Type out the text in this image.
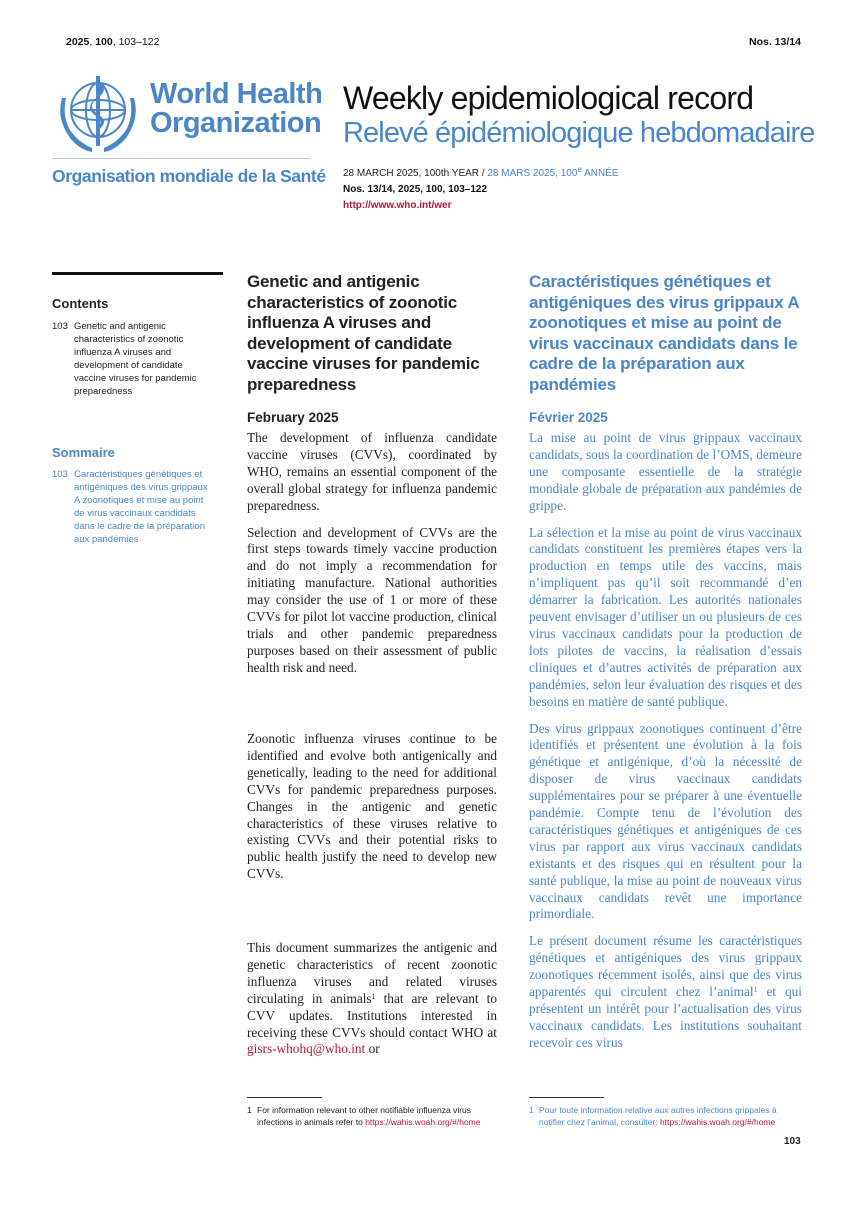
2025, 100, 103–122	Nos. 13/14
World Health
Organization
Organisation mondiale de la Santé
Weekly epidemiological record
Relevé épidémiologique hebdomadaire
28 MARCH 2025, 100th YEAR / 28 MARS 2025, 100e ANNÉE
Nos. 13/14, 2025, 100, 103–122
http://www.who.int/wer
Contents
103 Genetic and antigenic characteristics of zoonotic influenza A viruses and development of candidate vaccine viruses for pandemic preparedness
Sommaire
103 Caractéristiques génétiques et antigéniques des virus grippaux A zoonotiques et mise au point de virus vaccinaux candidats dans le cadre de la préparation aux pandémies
Genetic and antigenic characteristics of zoonotic influenza A viruses and development of candidate vaccine viruses for pandemic preparedness
February 2025

The development of influenza candidate vaccine viruses (CVVs), coordinated by WHO, remains an essential component of the overall global strategy for influenza pandemic preparedness.

Selection and development of CVVs are the first steps towards timely vaccine production and do not imply a recommendation for initiating manufacture. National authorities may consider the use of 1 or more of these CVVs for pilot lot vaccine production, clinical trials and other pandemic preparedness purposes based on their assessment of public health risk and need.

Zoonotic influenza viruses continue to be identified and evolve both antigenically and genetically, leading to the need for additional CVVs for pandemic preparedness purposes. Changes in the antigenic and genetic characteristics of these viruses relative to existing CVVs and their potential risks to public health justify the need to develop new CVVs.

This document summarizes the antigenic and genetic characteristics of recent zoonotic influenza viruses and related viruses circulating in animals$^1$ that are relevant to CVV updates. Institutions interested in receiving these CVVs should contact WHO at gisrs-whohq@who.int or

1 For information relevant to other notifiable influenza virus infections in animals refer to https://wahis.woah.org/#/home
Caractéristiques génétiques et antigéniques des virus grippaux A zoonotiques et mise au point de virus vaccinaux candidats dans le cadre de la préparation aux pandémies
Février 2025

La mise au point de virus grippaux vaccinaux candidats, sous la coordination de l’OMS, demeure une composante essentielle de la stratégie mondiale globale de préparation aux pandémies de grippe.

La sélection et la mise au point de virus vaccinaux candidats constituent les premières étapes vers la production en temps utile des vaccins, mais n’impliquent pas qu’il soit recommandé d’en démarrer la fabrication. Les autorités nationales peuvent envisager d’utiliser un ou plusieurs de ces virus vaccinaux candidats pour la production de lots pilotes de vaccins, la réalisation d’essais cliniques et d’autres activités de préparation aux pandémies, selon leur évaluation des risques et des besoins en matière de santé publique.

Des virus grippaux zoonotiques continuent d’être identifiés et présentent une évolution à la fois génétique et antigénique, d’où la nécessité de disposer de virus vaccinaux candidats supplémentaires pour se préparer à une éventuelle pandémie. Compte tenu de l’évolution des caractéristiques génétiques et antigéniques de ces virus par rapport aux virus vaccinaux candidats existants et des risques qui en résultent pour la santé publique, la mise au point de nouveaux virus vaccinaux candidats revêt une importance primordiale.

Le présent document résume les caractéristiques génétiques et antigéniques des virus grippaux zoonotiques récemment isolés, ainsi que des virus apparentés qui circulent chez l’animal$^1$ et qui présentent un intérêt pour l’actualisation des virus vaccinaux candidats. Les institutions souhaitant recevoir ces virus

1 Pour toute information relative aux autres infections grippales à notifier chez l’animal, consulter: https://wahis.woah.org/#/home
103
